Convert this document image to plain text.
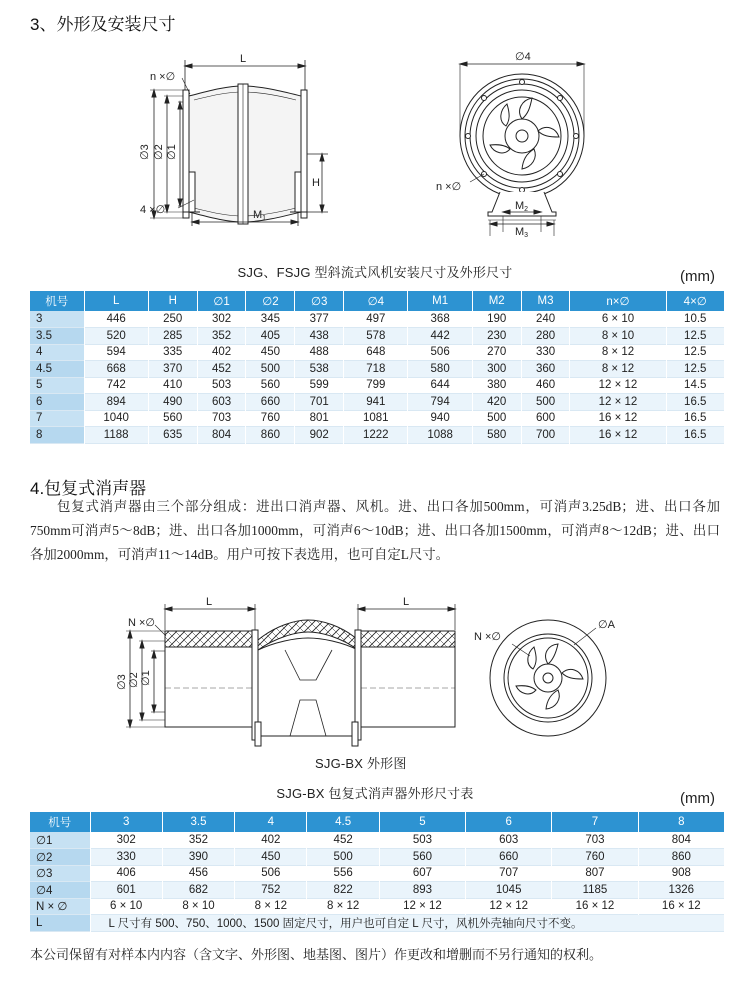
3、外形及安装尺寸
L
n ×∅
∅3 ∅2 ∅1
H
4 ×∅	M1
∅4
n ×∅
M2
M3
SJG、FSJG 型斜流式风机安装尺寸及外形尺寸	(mm)
机号	L	H	∅1	∅2	∅3	∅4	M1	M2	M3	n×∅	4×∅
3	446	250	302	345	377	497	368	190	240	6 × 10	10.5
3.5	520	285	352	405	438	578	442	230	280	8 × 10	12.5
4	594	335	402	450	488	648	506	270	330	8 × 12	12.5
4.5	668	370	452	500	538	718	580	300	360	8 × 12	12.5
5	742	410	503	560	599	799	644	380	460	12 × 12	14.5
6	894	490	603	660	701	941	794	420	500	12 × 12	16.5
7	1040	560	703	760	801	1081	940	500	600	16 × 12	16.5
8	1188	635	804	860	902	1222	1088	580	700	16 × 12	16.5
4.包复式消声器
包复式消声器由三个部分组成：进出口消声器、风机。进、出口各加500mm，可消声3.25dB；进、出口各加750mm可消声5～8dB；进、出口各加1000mm，可消声6～10dB；进、出口各加1500mm，可消声8～12dB；进、出口各加2000mm，可消声11～14dB。用户可按下表选用，也可自定L尺寸。
L	L
N ×∅
∅3 ∅2 ∅1
N ×∅
∅A
SJG-BX 外形图
SJG-BX 包复式消声器外形尺寸表	(mm)
机号	3	3.5	4	4.5	5	6	7	8
∅1	302	352	402	452	503	603	703	804
∅2	330	390	450	500	560	660	760	860
∅3	406	456	506	556	607	707	807	908
∅4	601	682	752	822	893	1045	1185	1326
N × ∅	6 × 10	8 × 10	8 × 12	8 × 12	12 × 12	12 × 12	16 × 12	16 × 12
L	L 尺寸有 500、750、1000、1500 固定尺寸，用户也可自定 L 尺寸，风机外壳轴向尺寸不变。							
本公司保留有对样本内内容（含文字、外形图、地基图、图片）作更改和增删而不另行通知的权利。
